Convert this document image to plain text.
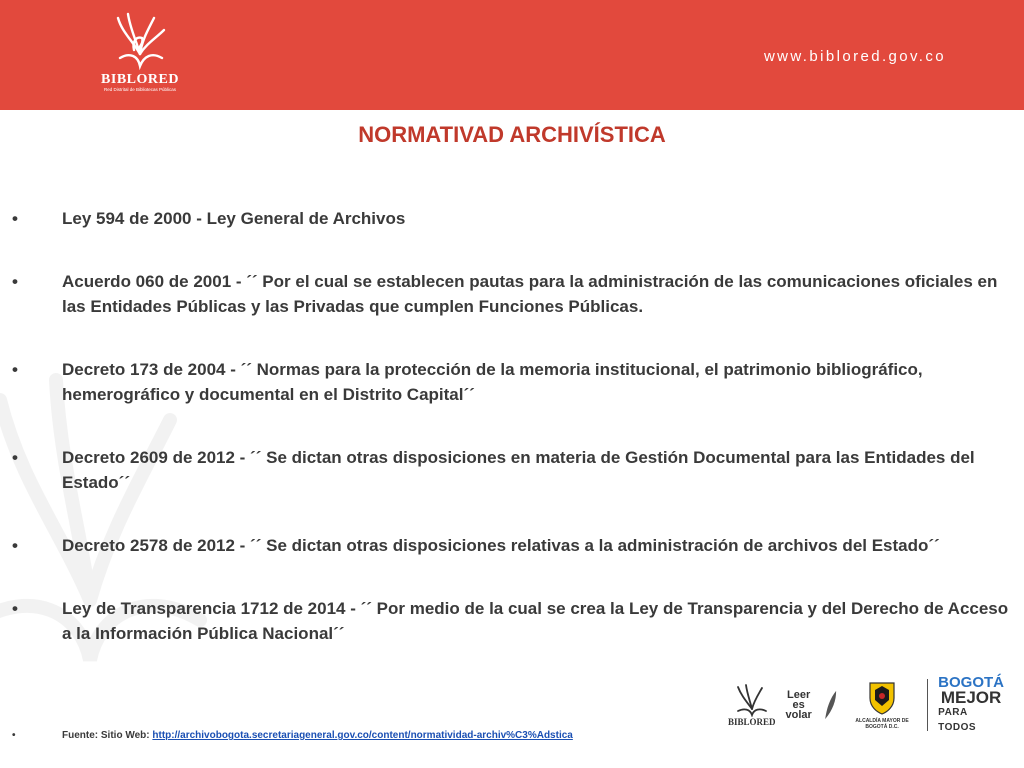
BIBLORED
Red Distrital de Bibliotecas Públicas
www.biblored.gov.co
NORMATIVAD ARCHIVÍSTICA
•	Ley 594 de 2000 - Ley General de Archivos
•	Acuerdo 060 de 2001 - ´´ Por el cual se establecen pautas para la administración de las comunicaciones oficiales en las Entidades Públicas y las Privadas que cumplen Funciones Públicas.
•	Decreto 173 de 2004 - ´´ Normas para la protección de la memoria institucional, el patrimonio bibliográfico, hemerográfico y documental en el Distrito Capital´´
•	Decreto 2609 de 2012 - ´´ Se dictan otras disposiciones en materia de Gestión Documental para las Entidades del Estado´´
•	Decreto 2578 de 2012 - ´´ Se dictan otras disposiciones relativas a la administración de archivos del Estado´´
•	Ley de Transparencia 1712 de 2014 - ´´ Por medio de la cual se crea la Ley de Transparencia y del Derecho de Acceso a la Información Pública Nacional´´
•	Fuente: Sitio Web: http://archivobogota.secretariageneral.gov.co/content/normatividad-archiv%C3%Adstica
BIBLORED
Leer
es
volar	ALCALDÍA MAYOR DE BOGOTÁ D.C.
BOGOTÁ
MEJOR
PARA TODOS
